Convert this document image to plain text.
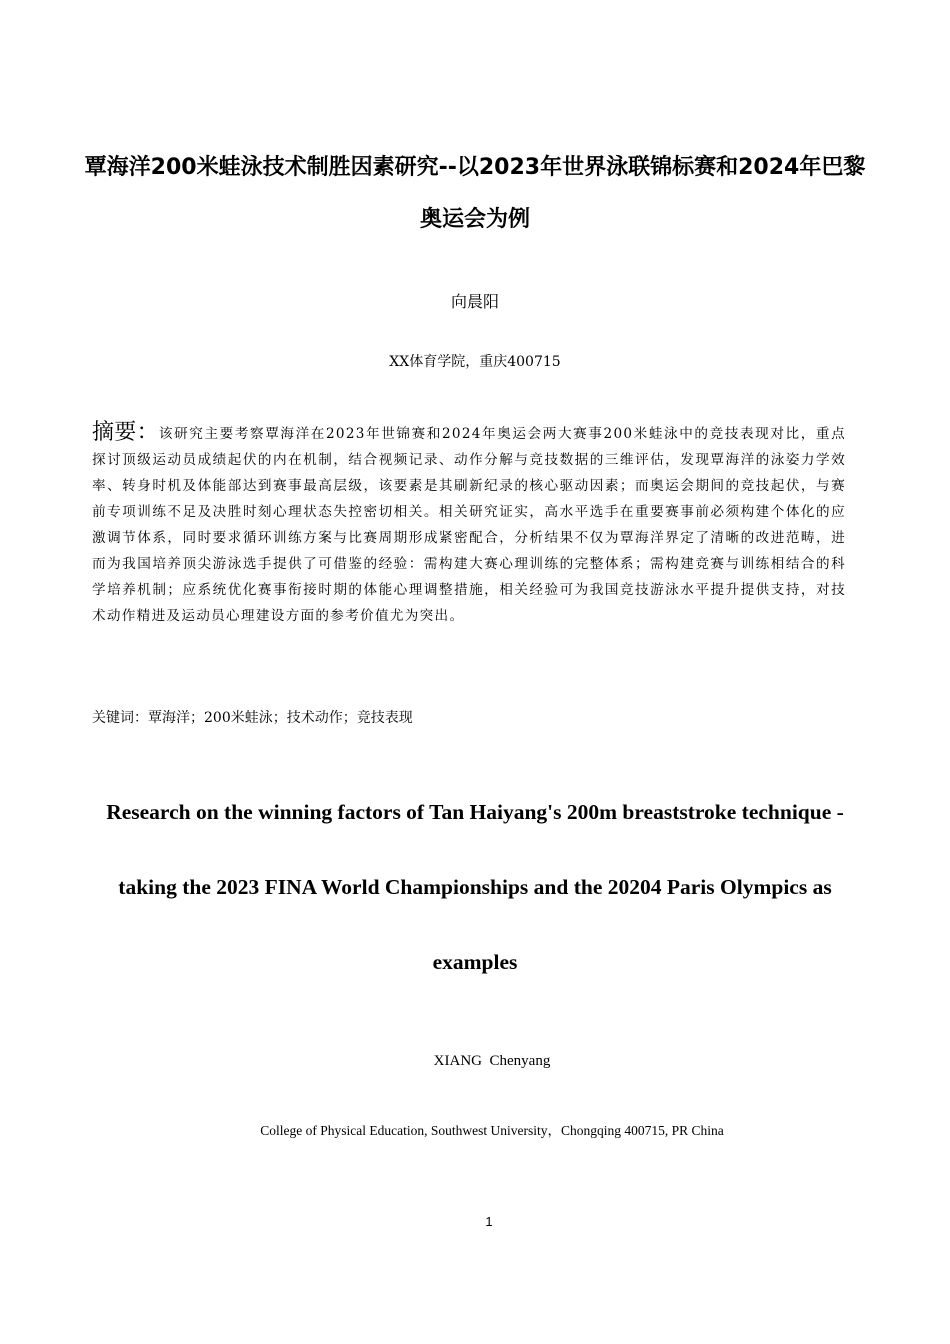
覃海洋200米蛙泳技术制胜因素研究--以2023年世界泳联锦标赛和2024年巴黎奥运会为例
向晨阳
XX体育学院，重庆400715
摘要：该研究主要考察覃海洋在2023年世锦赛和2024年奥运会两大赛事200米蛙泳中的竞技表现对比，重点探讨顶级运动员成绩起伏的内在机制，结合视频记录、动作分解与竞技数据的三维评估，发现覃海洋的泳姿力学效率、转身时机及体能部达到赛事最高层级，该要素是其刷新纪录的核心驱动因素；而奥运会期间的竞技起伏，与赛前专项训练不足及决胜时刻心理状态失控密切相关。相关研究证实，高水平选手在重要赛事前必须构建个体化的应激调节体系，同时要求循环训练方案与比赛周期形成紧密配合，分析结果不仅为覃海洋界定了清晰的改进范畴，进而为我国培养顶尖游泳选手提供了可借鉴的经验：需构建大赛心理训练的完整体系；需构建竞赛与训练相结合的科学培养机制；应系统优化赛事衔接时期的体能心理调整措施，相关经验可为我国竞技游泳水平提升提供支持，对技术动作精进及运动员心理建设方面的参考价值尤为突出。
关键词：覃海洋；200米蛙泳；技术动作；竞技表现
Research on the winning factors of Tan Haiyang's 200m breaststroke technique - taking the 2023 FINA World Championships and the 20204 Paris Olympics as examples
XIANG  Chenyang
College of Physical Education, Southwest University，Chongqing 400715, PR China
1
